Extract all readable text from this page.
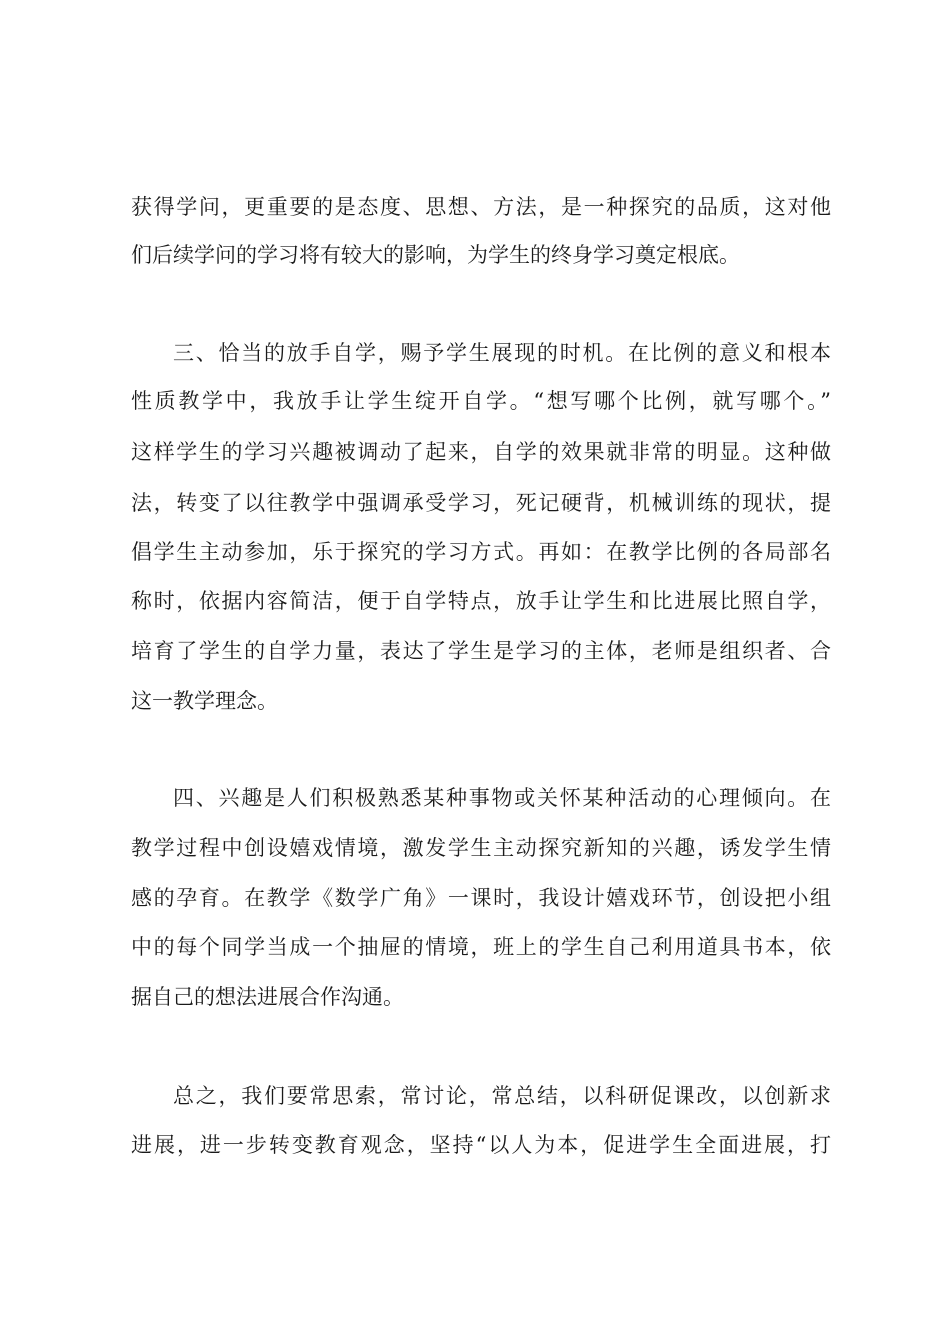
获得学问，更重要的是态度、思想、方法，是一种探究的品质，这对他
们后续学问的学习将有较大的影响，为学生的终身学习奠定根底。
三、恰当的放手自学，赐予学生展现的时机。在比例的意义和根本
性质教学中，我放手让学生绽开自学。“想写哪个比例，就写哪个。”
这样学生的学习兴趣被调动了起来，自学的效果就非常的明显。这种做
法，转变了以往教学中强调承受学习，死记硬背，机械训练的现状，提
倡学生主动参加，乐于探究的学习方式。再如：在教学比例的各局部名
称时，依据内容简洁，便于自学特点，放手让学生和比进展比照自学，
培育了学生的自学力量，表达了学生是学习的主体，老师是组织者、合
这一教学理念。
四、兴趣是人们积极熟悉某种事物或关怀某种活动的心理倾向。在
教学过程中创设嬉戏情境，激发学生主动探究新知的兴趣，诱发学生情
感的孕育。在教学《数学广角》一课时，我设计嬉戏环节，创设把小组
中的每个同学当成一个抽屉的情境，班上的学生自己利用道具书本，依
据自己的想法进展合作沟通。
总之，我们要常思索，常讨论，常总结，以科研促课改，以创新求
进展，进一步转变教育观念，坚持“以人为本，促进学生全面进展，打
